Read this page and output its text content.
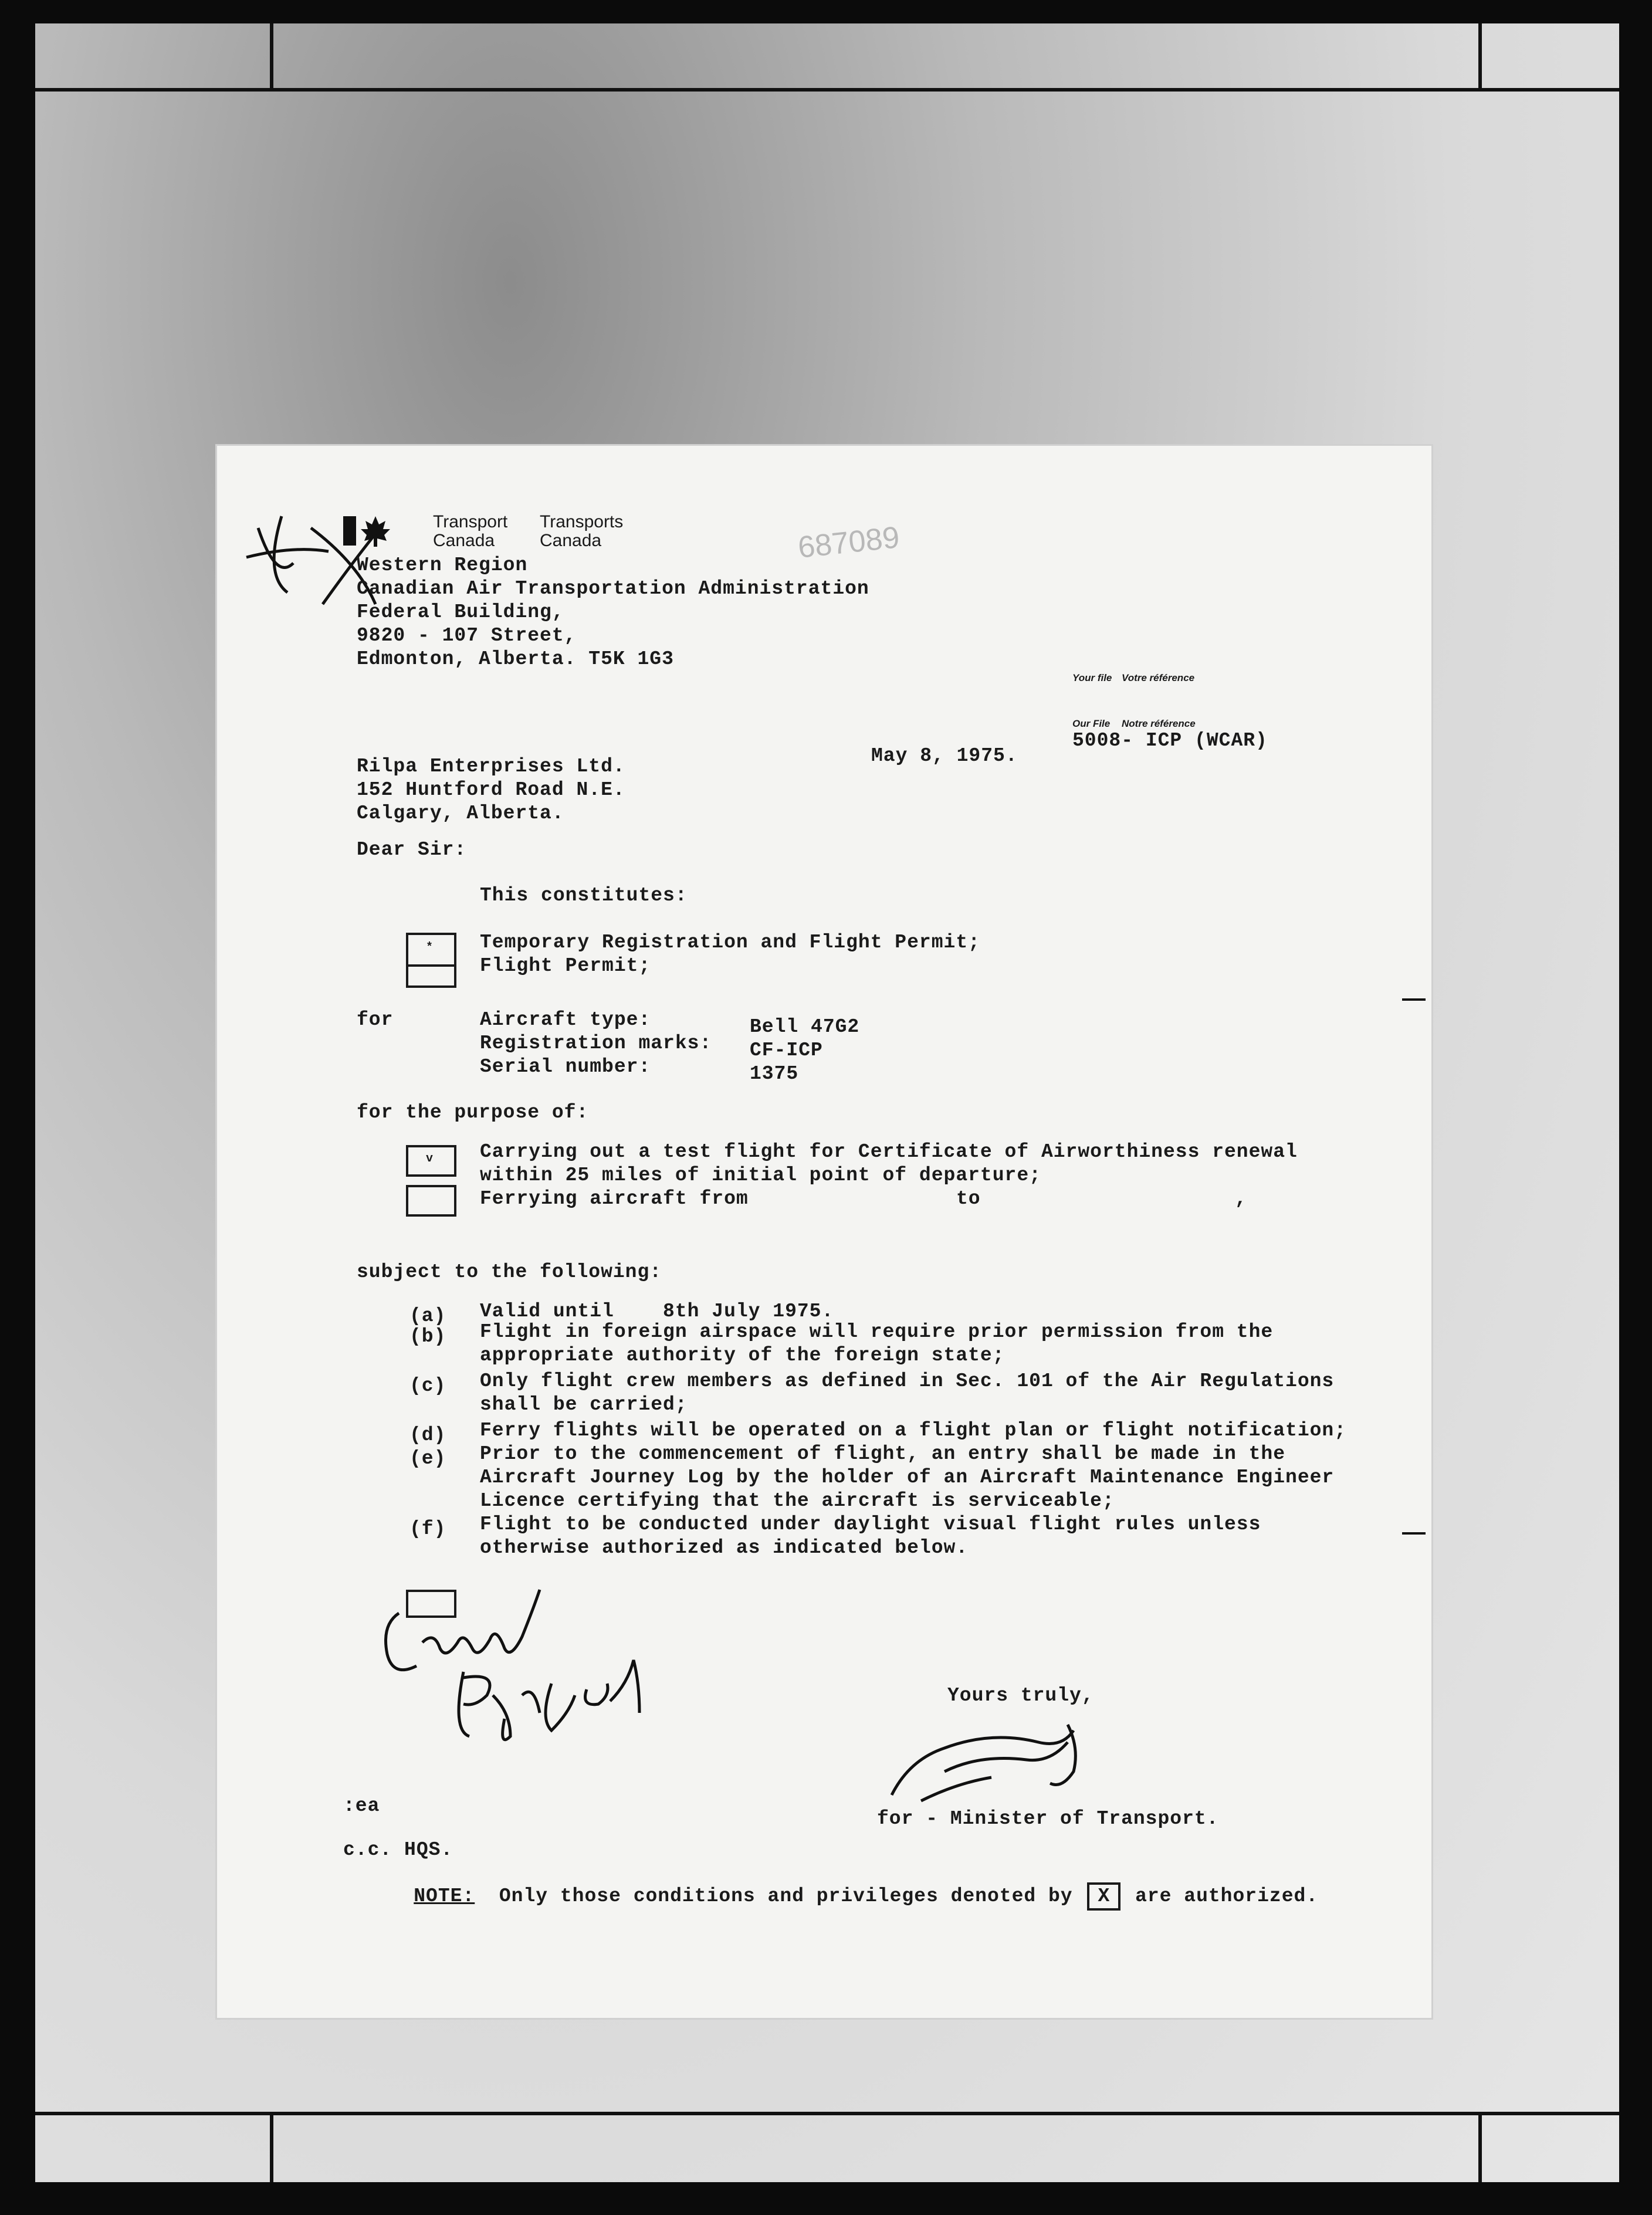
Transport
Canada
Transports
Canada	687089
Western Region
Canadian Air Transportation Administration
Federal Building,
9820 - 107 Street,
Edmonton, Alberta. T5K 1G3
Your file Votre référence
Our File Notre référence
5008- ICP (WCAR)
May 8, 1975.
Rilpa Enterprises Ltd.
152 Huntford Road N.E.
Calgary, Alberta.
Dear Sir:
This constitutes:
* Temporary Registration and Flight Permit;
Flight Permit;
for	Aircraft type:	Bell 47G2
Registration marks: CF-ICP
Serial number:	1375
for the purpose of:
v Carrying out a test flight for Certificate of Airworthiness renewal
within 25 miles of initial point of departure;
Ferrying aircraft from	to	,
subject to the following:
(a) Valid until    8th July 1975.
(b) Flight in foreign airspace will require prior permission from the
appropriate authority of the foreign state;
(c) Only flight crew members as defined in Sec. 101 of the Air Regulations
shall be carried;
(d) Ferry flights will be operated on a flight plan or flight notification;
(e) Prior to the commencement of flight, an entry shall be made in the
Aircraft Journey Log by the holder of an Aircraft Maintenance Engineer
Licence certifying that the aircraft is serviceable;
(f) Flight to be conducted under daylight visual flight rules unless
otherwise authorized as indicated below.
Yours truly,
for - Minister of Transport.
:ea
c.c. HQS.

NOTE: Only those conditions and privileges denoted by X are authorized.
